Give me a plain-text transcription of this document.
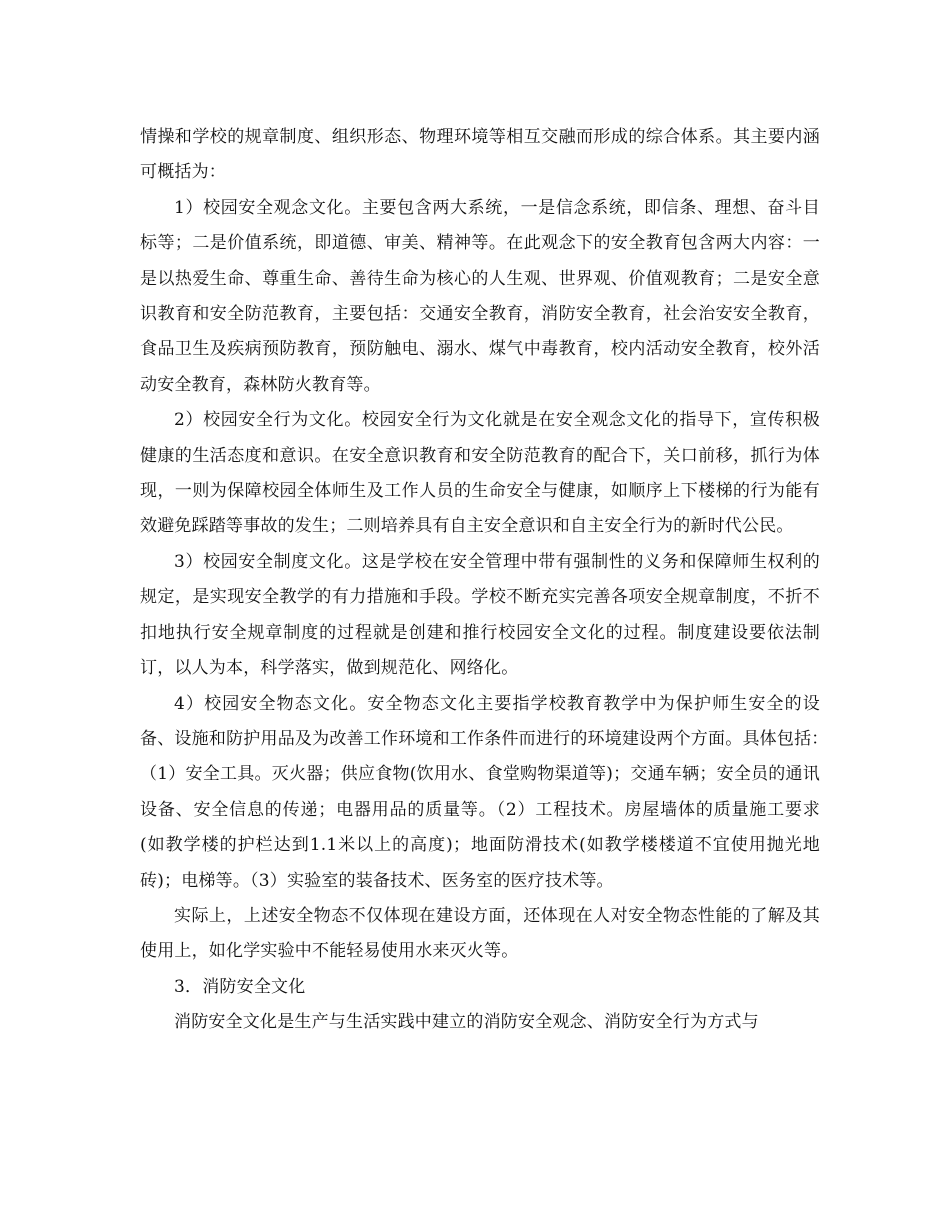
情操和学校的规章制度、组织形态、物理环境等相互交融而形成的综合体系。其主要内涵可概括为：

1）校园安全观念文化。主要包含两大系统，一是信念系统，即信条、理想、奋斗目标等；二是价值系统，即道德、审美、精神等。在此观念下的安全教育包含两大内容：一是以热爱生命、尊重生命、善待生命为核心的人生观、世界观、价值观教育；二是安全意识教育和安全防范教育，主要包括：交通安全教育，消防安全教育，社会治安安全教育，食品卫生及疾病预防教育，预防触电、溺水、煤气中毒教育，校内活动安全教育，校外活动安全教育，森林防火教育等。

2）校园安全行为文化。校园安全行为文化就是在安全观念文化的指导下，宣传积极健康的生活态度和意识。在安全意识教育和安全防范教育的配合下，关口前移，抓行为体现，一则为保障校园全体师生及工作人员的生命安全与健康，如顺序上下楼梯的行为能有效避免踩踏等事故的发生；二则培养具有自主安全意识和自主安全行为的新时代公民。

3）校园安全制度文化。这是学校在安全管理中带有强制性的义务和保障师生权利的规定，是实现安全教学的有力措施和手段。学校不断充实完善各项安全规章制度，不折不扣地执行安全规章制度的过程就是创建和推行校园安全文化的过程。制度建设要依法制订，以人为本，科学落实，做到规范化、网络化。

4）校园安全物态文化。安全物态文化主要指学校教育教学中为保护师生安全的设备、设施和防护用品及为改善工作环境和工作条件而进行的环境建设两个方面。具体包括：　（1）安全工具。灭火器；供应食物(饮用水、食堂购物渠道等)；交通车辆；安全员的通讯设备、安全信息的传递；电器用品的质量等。（2）工程技术。房屋墙体的质量施工要求(如教学楼的护栏达到1.1米以上的高度)；地面防滑技术(如教学楼楼道不宜使用抛光地砖)；电梯等。（3）实验室的装备技术、医务室的医疗技术等。

实际上，上述安全物态不仅体现在建设方面，还体现在人对安全物态性能的了解及其使用上，如化学实验中不能轻易使用水来灭火等。

3．消防安全文化

消防安全文化是生产与生活实践中建立的消防安全观念、消防安全行为方式与
